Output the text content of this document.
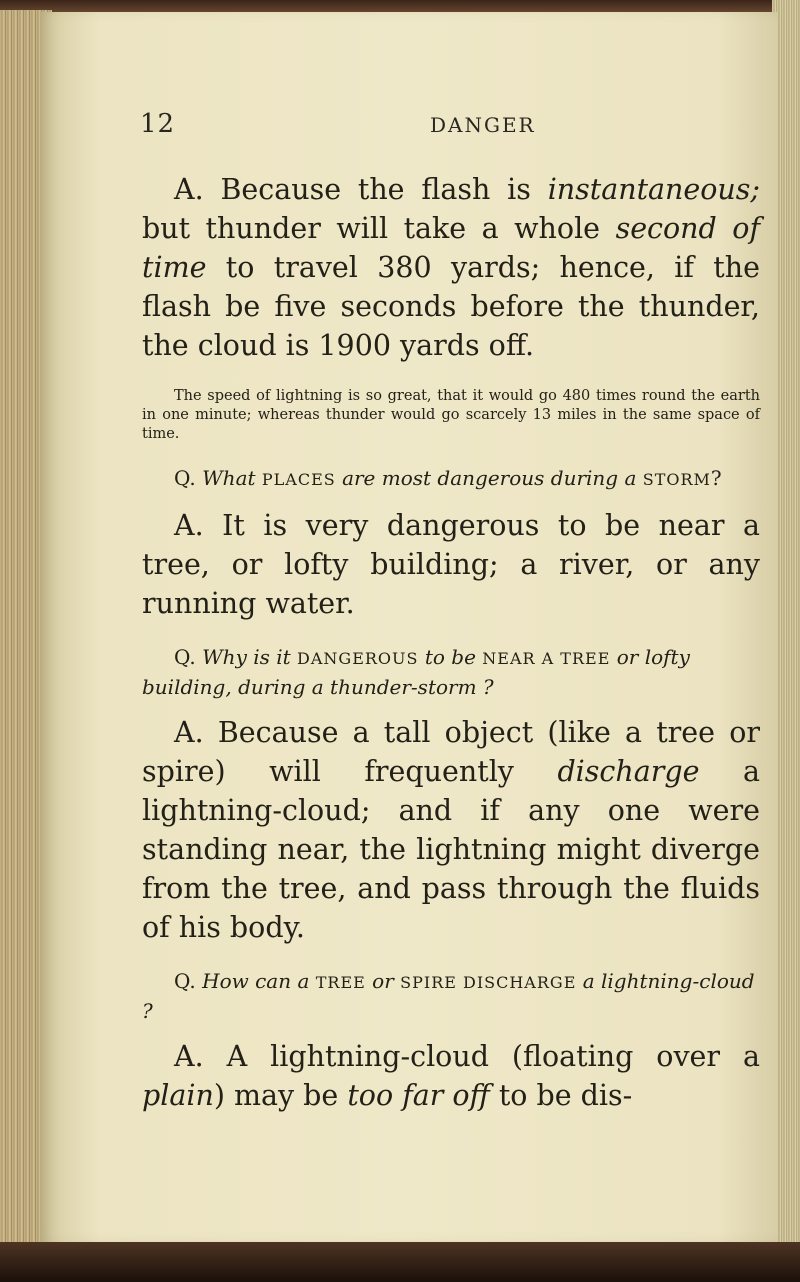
12	DANGER

A. Because the flash is instantaneous; but thunder will take a whole second of time to travel 380 yards; hence, if the flash be five seconds before the thunder, the cloud is 1900 yards off.

The speed of lightning is so great, that it would go 480 times round the earth in one minute; whereas thunder would go scarcely 13 miles in the same space of time.

Q. What PLACES are most dangerous during a STORM?

A. It is very dangerous to be near a tree, or lofty building; a river, or any running water.

Q. Why is it DANGEROUS to be NEAR A TREE or lofty building, during a thunder-storm ?

A. Because a tall object (like a tree or spire) will frequently discharge a lightning-cloud; and if any one were standing near, the lightning might diverge from the tree, and pass through the fluids of his body.

Q. How can a TREE or SPIRE DISCHARGE a lightning-cloud ?

A. A lightning-cloud (floating over a plain) may be too far off to be dis-
